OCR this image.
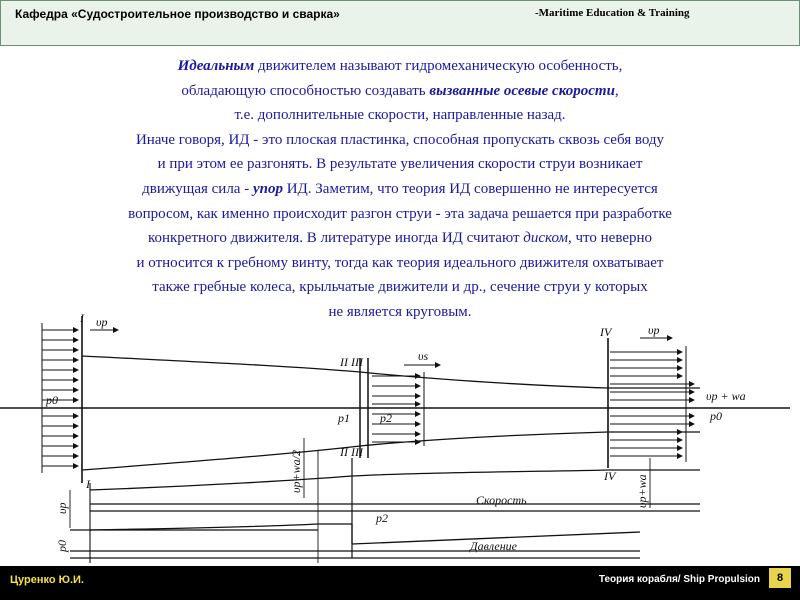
Кафедра «Судостроительное производство и сварка»	-Maritime Education & Training
Идеальным движителем называют гидромеханическую особенность,
обладающую способностью создавать вызванные осевые скорости,
т.е. дополнительные скорости, направленные назад.
Иначе говоря, ИД - это плоская пластинка, способная пропускать сквозь себя воду
и при этом ее разгонять. В результате увеличения скорости струи возникает
движущая сила - упор ИД. Заметим, что теория ИД совершенно не интересуется
вопросом, как именно происходит разгон струи - эта задача решается при разработке
конкретного движителя. В литературе иногда ИД считают диском, что неверно
и относится к гребному винту, тогда как теория идеального движителя охватывает
также гребные колеса, крыльчатые движители и др., сечение струи у которых
не является круговым.
I υp
II III	υs
IV	υp
υp + wa
p0
p0
p1	p2
II III
IV
I
p2
Скорость
Давление
υp+wa/2
υp
υp+wa
p0
Цуренко Ю.И.	Теория корабля/ Ship Propulsion	8
